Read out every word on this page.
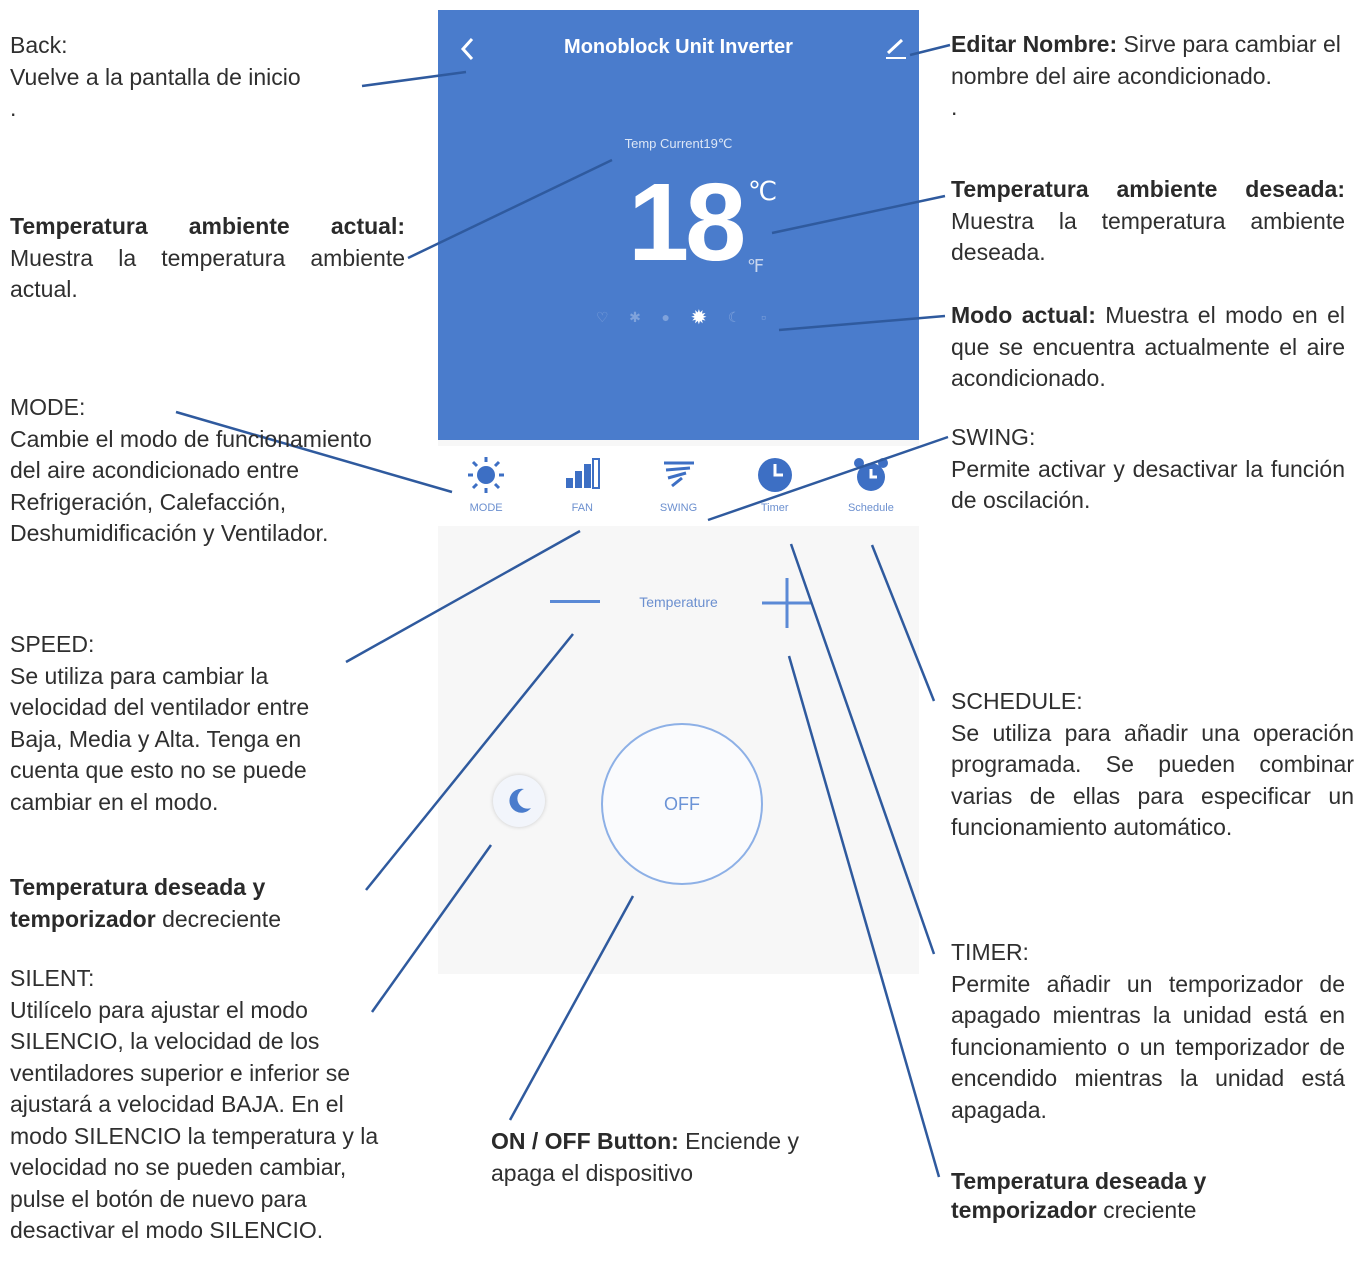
Monoblock Unit Inverter
Temp Current19℃
18 ℃
℉
♡ ✱ ● ✹ ☾ ▫
MODE	FAN	SWING	Timer	Schedule
Temperature
OFF
Back:
Vuelve a la pantalla de inicio
.
Temperatura ambiente actual:
Muestra la temperatura ambiente actual.
MODE:
Cambie el modo de funcionamiento del aire acondicionado entre Refrigeración, Calefacción, Deshumidificación y Ventilador.
SPEED:
Se utiliza para cambiar la velocidad del ventilador entre Baja, Media y Alta. Tenga en cuenta que esto no se puede cambiar en el modo.
Temperatura deseada y
temporizador decreciente
SILENT:
Utilícelo para ajustar el modo SILENCIO, la velocidad de los ventiladores superior e inferior se ajustará a velocidad BAJA. En el modo SILENCIO la temperatura y la velocidad no se pueden cambiar, pulse el botón de nuevo para desactivar el modo SILENCIO.
Editar Nombre: Sirve para cambiar el nombre del aire acondicionado.
.
Temperatura ambiente deseada:
Muestra la temperatura ambiente deseada.
Modo actual: Muestra el modo en el que se encuentra actualmente el aire acondicionado.
SWING:
Permite activar y desactivar la función de oscilación.
SCHEDULE:
Se utiliza para añadir una operación programada. Se pueden combinar varias de ellas para especificar un funcionamiento automático.
TIMER:
Permite añadir un temporizador de apagado mientras la unidad está en funcionamiento o un temporizador de encendido mientras la unidad está apagada.
Temperatura deseada y
temporizador creciente
ON / OFF Button: Enciende y apaga el dispositivo
